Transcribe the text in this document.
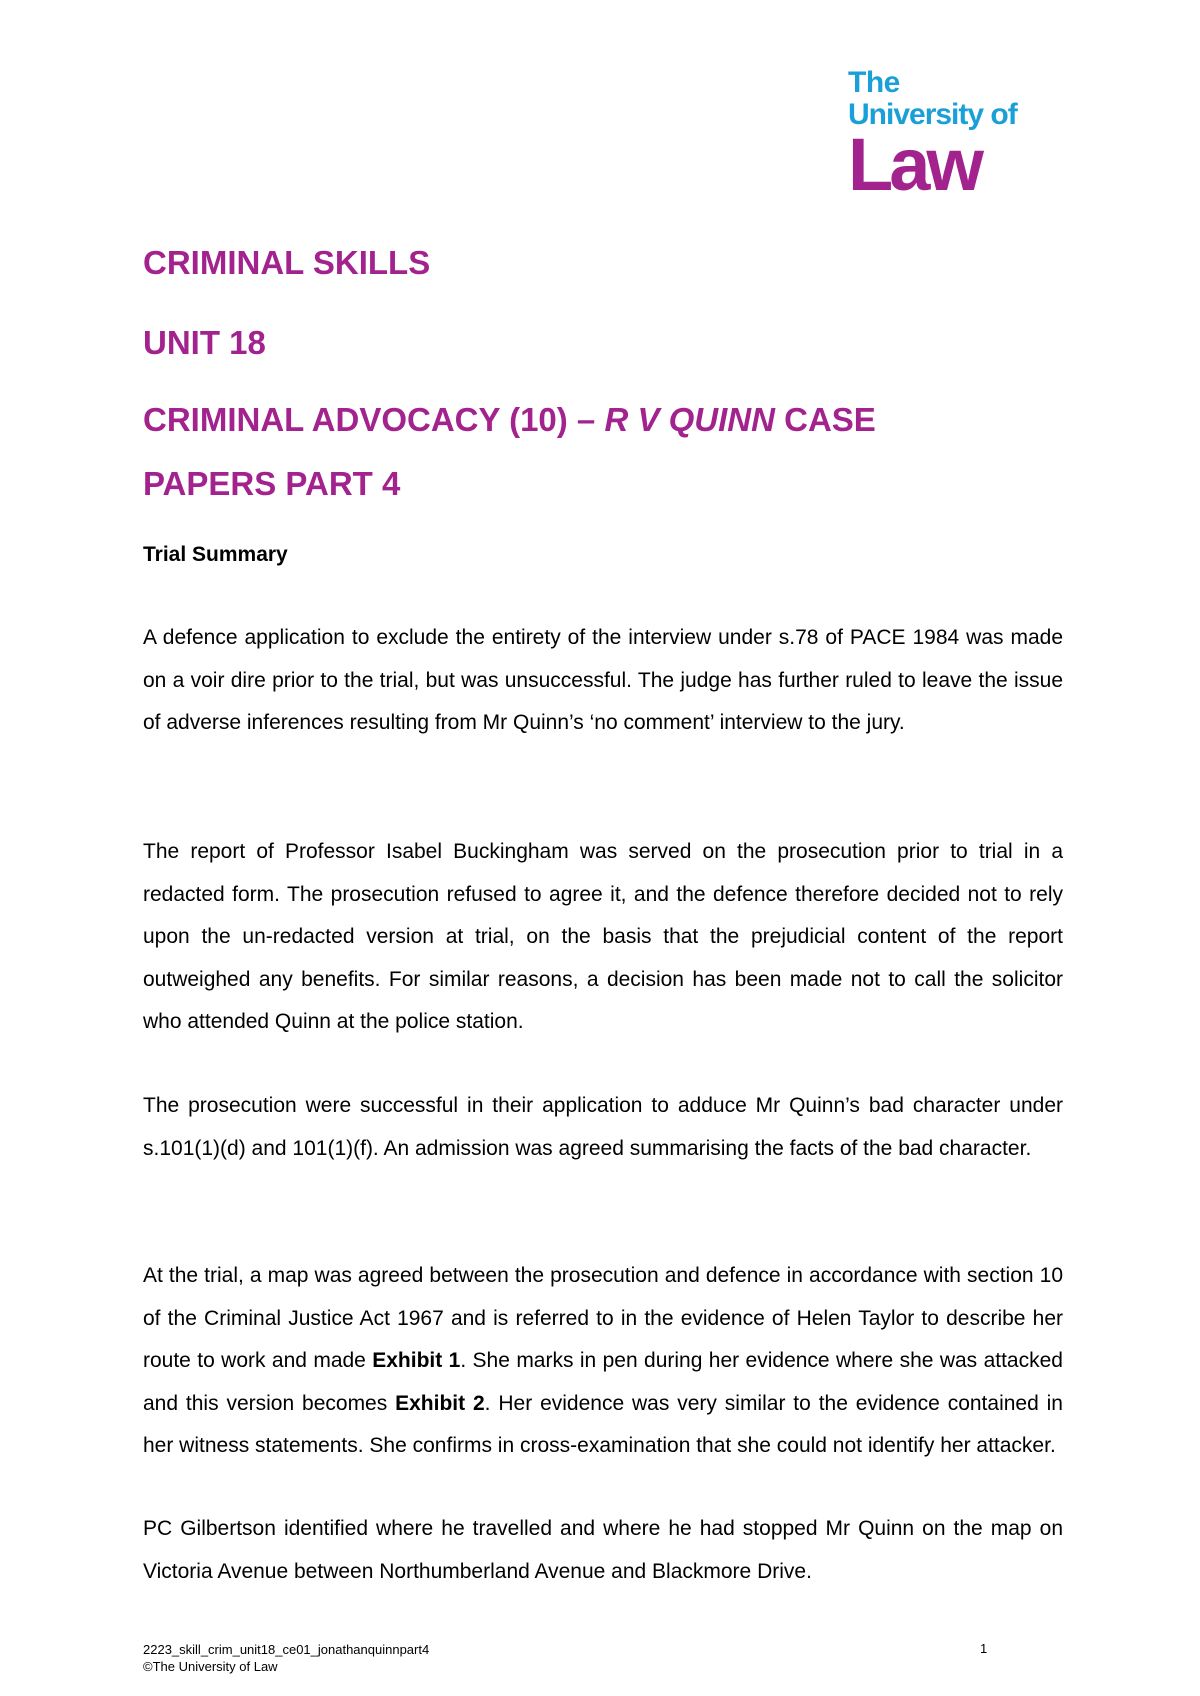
The
University of
Law
CRIMINAL SKILLS
UNIT 18
CRIMINAL ADVOCACY (10) – R V QUINN CASE
PAPERS PART 4
Trial Summary

A defence application to exclude the entirety of the interview under s.78 of PACE 1984 was made on a voir dire prior to the trial, but was unsuccessful. The judge has further ruled to leave the issue of adverse inferences resulting from Mr Quinn’s ‘no comment’ interview to the jury.

The report of Professor Isabel Buckingham was served on the prosecution prior to trial in a redacted form. The prosecution refused to agree it, and the defence therefore decided not to rely upon the un-redacted version at trial, on the basis that the prejudicial content of the report outweighed any benefits. For similar reasons, a decision has been made not to call the solicitor who attended Quinn at the police station.

The prosecution were successful in their application to adduce Mr Quinn’s bad character under s.101(1)(d) and 101(1)(f). An admission was agreed summarising the facts of the bad character.

At the trial, a map was agreed between the prosecution and defence in accordance with section 10 of the Criminal Justice Act 1967 and is referred to in the evidence of Helen Taylor to describe her route to work and made Exhibit 1. She marks in pen during her evidence where she was attacked and this version becomes Exhibit 2. Her evidence was very similar to the evidence contained in her witness statements. She confirms in cross-examination that she could not identify her attacker.

PC Gilbertson identified where he travelled and where he had stopped Mr Quinn on the map on Victoria Avenue between Northumberland Avenue and Blackmore Drive.

2223_skill_crim_unit18_ce01_jonathanquinnpart4
©The University of Law
1
